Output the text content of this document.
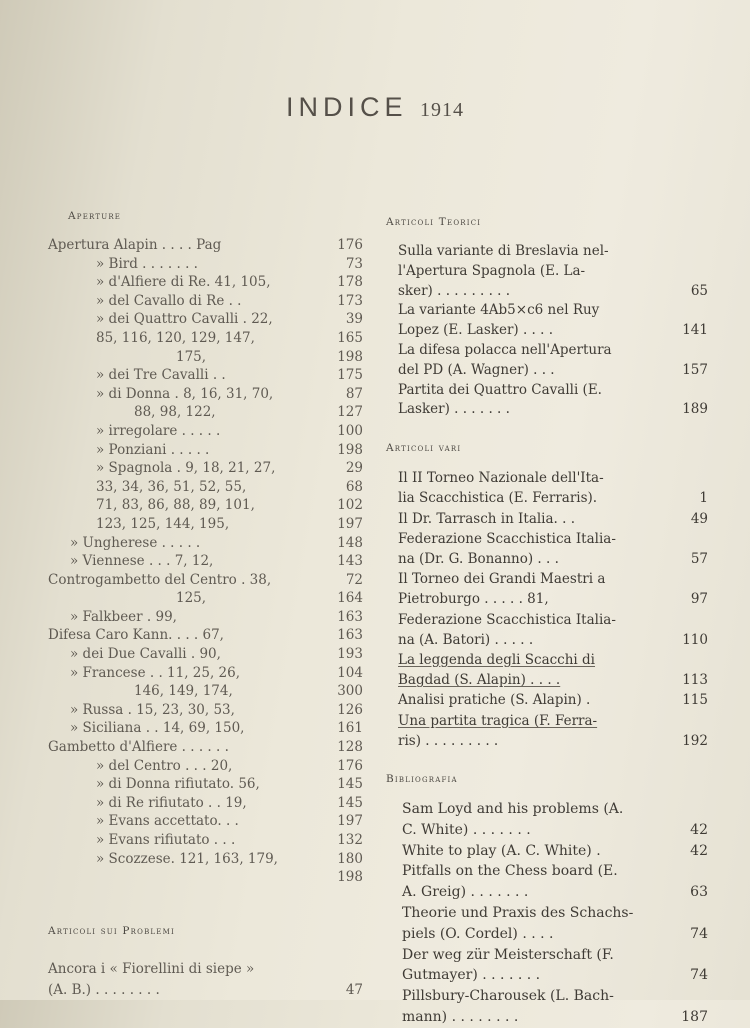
INDICE 1914
Aperture
Apertura Alapin . . . . Pag	176
» Bird . . . . . . .	73
» d'Alfiere di Re. 41, 105,	178
» del Cavallo di Re . .	173
» dei Quattro Cavalli . 22,	39
85, 116, 120, 129, 147,	165
175,	198
» dei Tre Cavalli . .	175
» di Donna . 8, 16, 31, 70,	87
88, 98, 122,	127
» irregolare . . . . .	100
» Ponziani . . . . .	198
» Spagnola . 9, 18, 21, 27,	29
33, 34, 36, 51, 52, 55,	68
71, 83, 86, 88, 89, 101,	102
123, 125, 144, 195,	197
» Ungherese . . . . .	148
» Viennese . . . 7, 12,	143
Controgambetto del Centro . 38,	72
125,	164
» Falkbeer . 99,	163
Difesa Caro Kann. . . . 67,	163
» dei Due Cavalli . 90,	193
» Francese . . 11, 25, 26,	104
146, 149, 174,	300
» Russa . 15, 23, 30, 53,	126
» Siciliana . . 14, 69, 150,	161
Gambetto d'Alfiere . . . . . .	128
» del Centro . . . 20,	176
» di Donna rifiutato. 56,	145
» di Re rifiutato . . 19,	145
» Evans accettato. . .	197
» Evans rifiutato . . .	132
» Scozzese. 121, 163, 179,	180
198
Articoli sui Problemi
Ancora i « Fiorellini di siepe »
(A. B.) . . . . . . . .	47
Articoli Teorici
Sulla variante di Breslavia nel-
l'Apertura Spagnola (E. La-
sker) . . . . . . . . .	65
La variante 4Ab5×c6 nel Ruy
Lopez (E. Lasker) . . . .	141
La difesa polacca nell'Apertura
del PD (A. Wagner) . . .	157
Partita dei Quattro Cavalli (E.
Lasker) . . . . . . .	189
Articoli vari
Il II Torneo Nazionale dell'Ita-
lia Scacchistica (E. Ferraris).	1
Il Dr. Tarrasch in Italia. . .	49
Federazione Scacchistica Italia-
na (Dr. G. Bonanno) . . .	57
Il Torneo dei Grandi Maestri a
Pietroburgo . . . . . 81,	97
Federazione Scacchistica Italia-
na (A. Batori) . . . . .	110
La leggenda degli Scacchi di
Bagdad (S. Alapin) . . . .	113
Analisi pratiche (S. Alapin) .	115
Una partita tragica (F. Ferra-
ris) . . . . . . . . .	192
Bibliografia
Sam Loyd and his problems (A.
C. White) . . . . . . .	42
White to play (A. C. White) .	42
Pitfalls on the Chess board (E.
A. Greig) . . . . . . .	63
Theorie und Praxis des Schachs-
piels (O. Cordel) . . . .	74
Der weg zür Meisterschaft (F.
Gutmayer) . . . . . . .	74
Pillsbury-Charousek (L. Bach-
mann) . . . . . . . .	187
